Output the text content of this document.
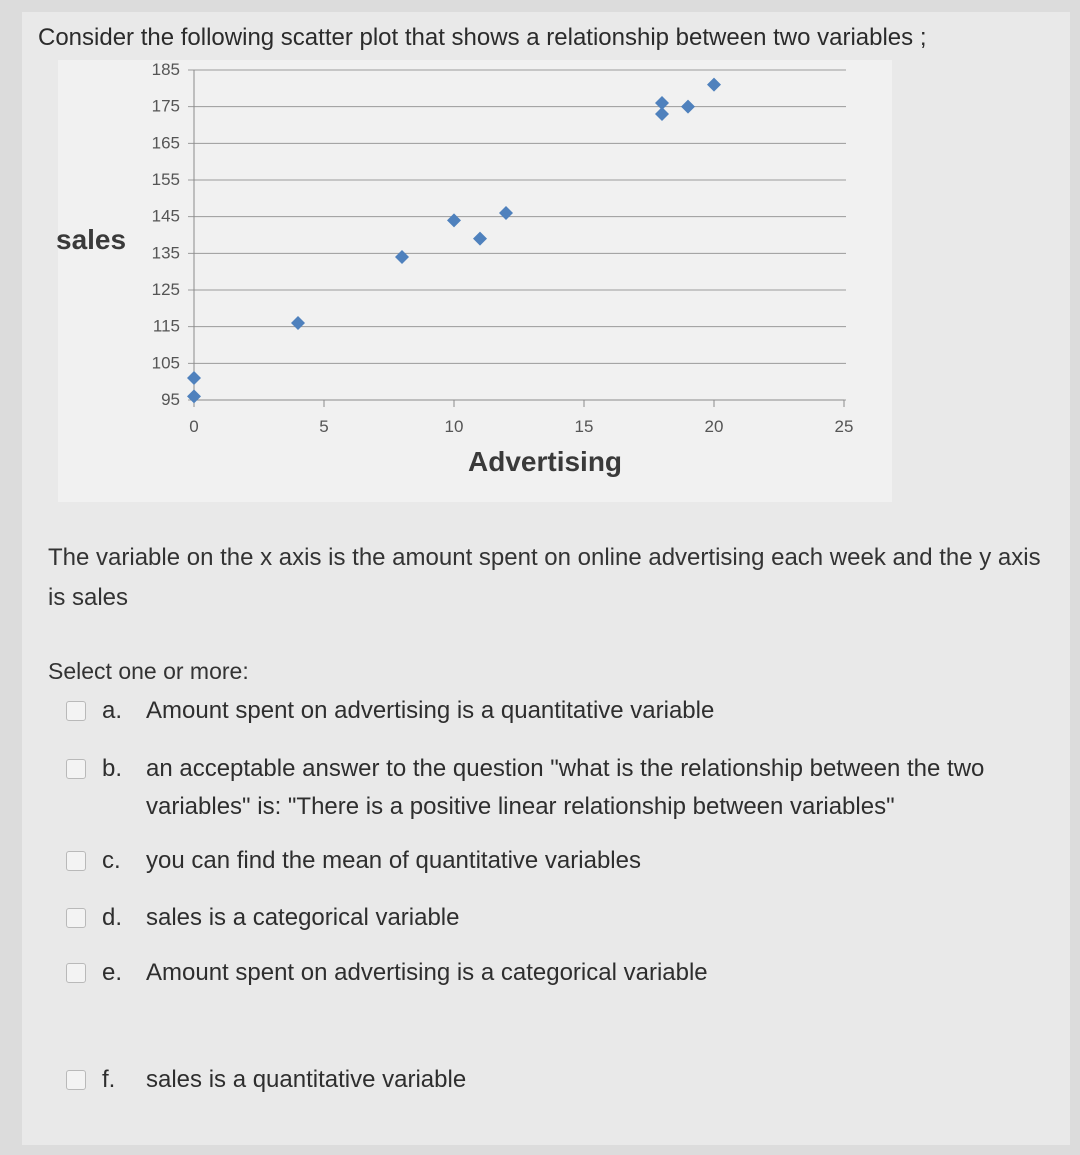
Consider the following scatter plot that shows a relationship between two variables ;
185
175
165
155
145
135
125
115
105
95
0	5	10	15	20	25
sales
Advertising
The variable on the x axis is the amount spent on online advertising each week and the y axis is sales
Select one or more:
a. Amount spent on advertising is a quantitative variable
b. an acceptable answer to the question "what is the relationship between the two variables" is: "There is a positive linear relationship between variables"
c.	you can find the mean of quantitative variables
d. sales is a categorical variable
e. Amount spent on advertising is a categorical variable
f.	sales is a quantitative variable
